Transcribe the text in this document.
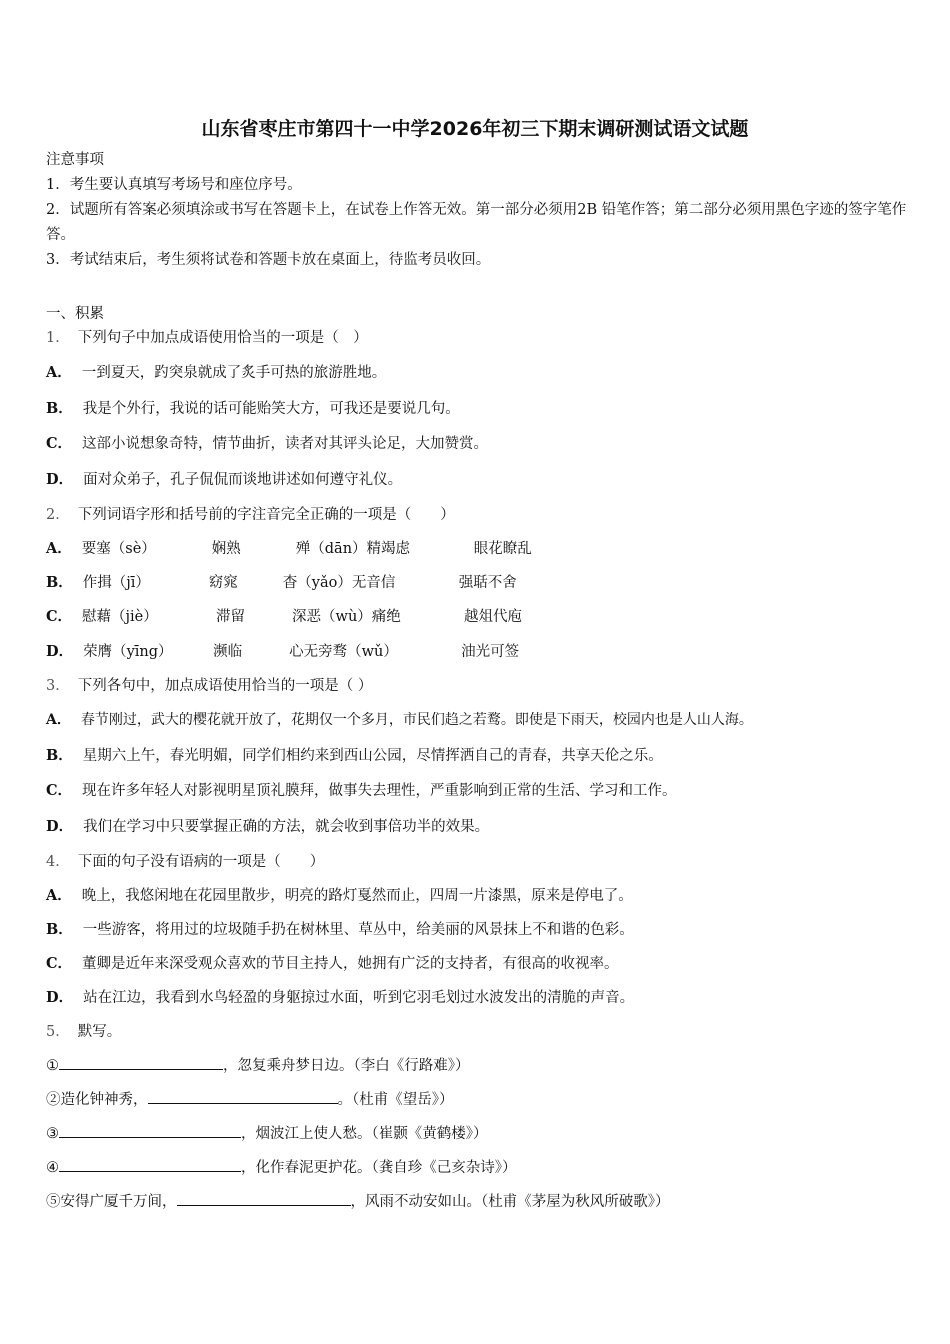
山东省枣庄市第四十一中学2026年初三下期末调研测试语文试题
注意事项
1．考生要认真填写考场号和座位序号。
2．试题所有答案必须填涂或书写在答题卡上，在试卷上作答无效。第一部分必须用2B 铅笔作答；第二部分必须用黑色字迹的签字笔作答。
3．考试结束后，考生须将试卷和答题卡放在桌面上，待监考员收回。
一、积累
1． 下列句子中加点成语使用恰当的一项是（　）
A． 一到夏天，趵突泉就成了炙手可热的旅游胜地。
B． 我是个外行，我说的话可能贻笑大方，可我还是要说几句。
C． 这部小说想象奇特，情节曲折，读者对其评头论足，大加赞赏。
D． 面对众弟子，孔子侃侃而谈地讲述如何遵守礼仪。
2． 下列词语字形和括号前的字注音完全正确的一项是（　　）
A． 要塞（sè）	娴熟	殚（dān）精竭虑	眼花瞭乱
B． 作揖（jī）	窈窕	杳（yǎo）无音信	强聒不舍
C． 慰藉（jiè）	滞留	深恶（wù）痛绝	越俎代庖
D． 荣膺（yīng）	濒临	心无旁骛（wǔ）	油光可签
3． 下列各句中，加点成语使用恰当的一项是（ ）
A． 春节刚过，武大的樱花就开放了，花期仅一个多月，市民们趋之若鹜。即使是下雨天，校园内也是人山人海。
B． 星期六上午，春光明媚，同学们相约来到西山公园，尽情挥洒自己的青春，共享天伦之乐。
C． 现在许多年轻人对影视明星顶礼膜拜，做事失去理性，严重影响到正常的生活、学习和工作。
D． 我们在学习中只要掌握正确的方法，就会收到事倍功半的效果。
4． 下面的句子没有语病的一项是（　　）
A． 晚上，我悠闲地在花园里散步，明亮的路灯戛然而止，四周一片漆黑，原来是停电了。
B． 一些游客，将用过的垃圾随手扔在树林里、草丛中，给美丽的风景抹上不和谐的色彩。
C． 董卿是近年来深受观众喜欢的节目主持人，她拥有广泛的支持者，有很高的收视率。
D． 站在江边，我看到水鸟轻盈的身躯掠过水面，听到它羽毛划过水波发出的清脆的声音。
5． 默写。
①	，忽复乘舟梦日边。（李白《行路难》）
②造化钟神秀，	。（杜甫《望岳》）
③	，烟波江上使人愁。（崔颢《黄鹤楼》）
④	，化作春泥更护花。（龚自珍《己亥杂诗》）
⑤安得广厦千万间，	，风雨不动安如山。（杜甫《茅屋为秋风所破歌》）
